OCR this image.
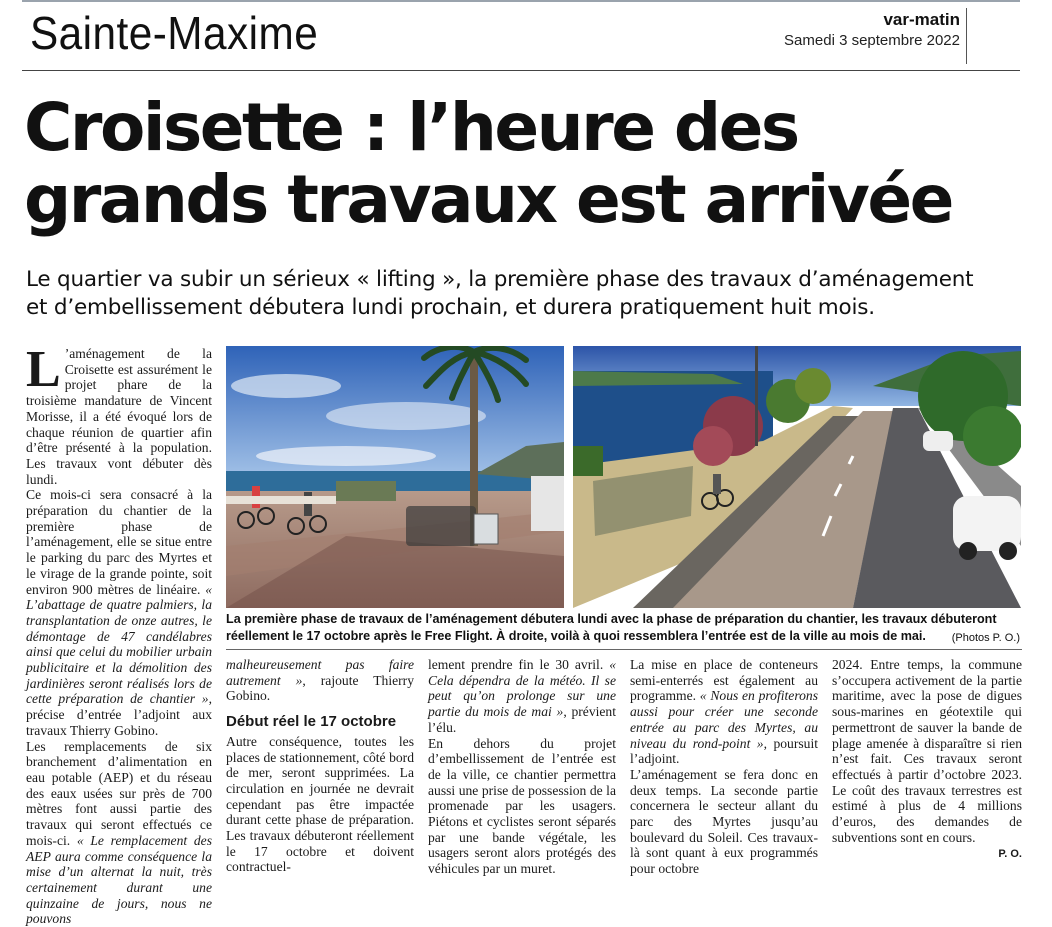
Sainte-Maxime	var-matin
Samedi 3 septembre 2022
Croisette : l’heure des
grands travaux est arrivée
Le quartier va subir un sérieux « lifting », la première phase des travaux d’aménagement
et d’embellissement débutera lundi prochain, et durera pratiquement huit mois.

L ’aménagement de la Croisette est assurément le projet phare de la troisième mandature de Vincent Morisse, il a été évoqué lors de chaque réunion de quartier afin d’être présenté à la population. Les travaux vont débuter dès lundi.

Ce mois-ci sera consacré à la préparation du chantier de la première phase de l’aménagement, elle se situe entre le parking du parc des Myrtes et le virage de la grande pointe, soit environ 900 mètres de linéaire. « L’abattage de quatre palmiers, la transplantation de onze autres, le démontage de 47 candélabres ainsi que celui du mobilier urbain publicitaire et la démolition des jardinières seront réalisés lors de cette préparation de chantier », précise d’entrée l’adjoint aux travaux Thierry Gobino.

Les remplacements de six branchement d’alimentation en eau potable (AEP) et du réseau des eaux usées sur près de 700 mètres font aussi partie des travaux qui seront effectués ce mois-ci. « Le remplacement des AEP aura comme conséquence la mise d’un alternat la nuit, très certainement durant une quinzaine de jours, nous ne pouvons

La première phase de travaux de l’aménagement débutera lundi avec la phase de préparation du chantier, les travaux débuteront réellement le 17 octobre après le Free Flight. À droite, voilà à quoi ressemblera l’entrée est de la ville au mois de mai. (Photos P. O.)

malheureusement pas faire autrement », rajoute Thierry Gobino.

Début réel le 17 octobre

Autre conséquence, toutes les places de stationnement, côté bord de mer, seront supprimées. La circulation en journée ne devrait cependant pas être impactée durant cette phase de préparation. Les travaux débuteront réellement le 17 octobre et doivent contractuel-

lement prendre fin le 30 avril. « Cela dépendra de la météo. Il se peut qu’on prolonge sur une partie du mois de mai », prévient l’élu.

En dehors du projet d’embellissement de l’entrée est de la ville, ce chantier permettra aussi une prise de possession de la promenade par les usagers. Piétons et cyclistes seront séparés par une bande végétale, les usagers seront alors protégés des véhicules par un muret.

La mise en place de conteneurs semi-enterrés est également au programme. « Nous en profiterons aussi pour créer une seconde entrée au parc des Myrtes, au niveau du rond-point », poursuit l’adjoint.

L’aménagement se fera donc en deux temps. La seconde partie concernera le secteur allant du parc des Myrtes jusqu’au boulevard du Soleil. Ces travaux-là sont quant à eux programmés pour octobre

2024. Entre temps, la commune s’occupera activement de la partie maritime, avec la pose de digues sous-marines en géotextile qui permettront de sauver la bande de plage amenée à disparaître si rien n’est fait. Ces travaux seront effectués à partir d’octobre 2023. Le coût des travaux terrestres est estimé à plus de 4 millions d’euros, des demandes de subventions sont en cours.

P. O.
